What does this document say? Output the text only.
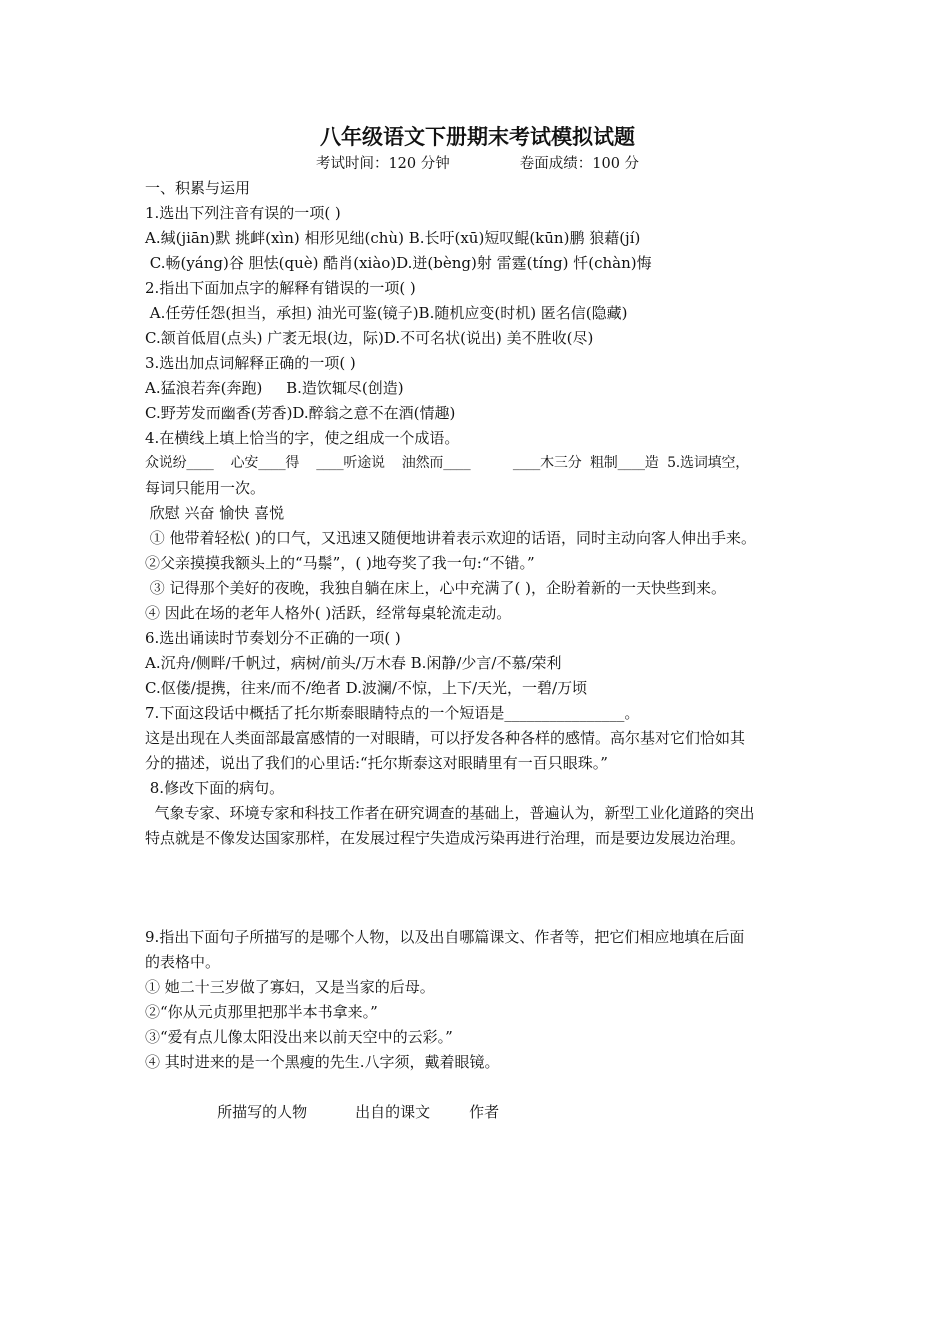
八年级语文下册期末考试模拟试题
考试时间：120 分钟	卷面成绩：100 分
一、积累与运用
1.选出下列注音有误的一项( )
A.缄(jiān)默 挑衅(xìn) 相形见绌(chù) B.长吁(xū)短叹鲲(kūn)鹏 狼藉(jí)
C.畅(yáng)谷 胆怯(què) 酷肖(xiào)D.迸(bèng)射 雷霆(tíng) 忏(chàn)悔
2.指出下面加点字的解释有错误的一项( )
A.任劳任怨(担当，承担) 油光可鉴(镜子)B.随机应变(时机) 匿名信(隐藏)
C.颔首低眉(点头) 广袤无垠(边，际)D.不可名状(说出) 美不胜收(尽)
3.选出加点词解释正确的一项( )
A.猛浪若奔(奔跑)     B.造饮辄尽(创造)
C.野芳发而幽香(芳香)D.醉翁之意不在酒(情趣)
4.在横线上填上恰当的字，使之组成一个成语。
众说纷____    心安____得    ____听途说    油然而____          ____木三分  粗制____造  5.选词填空，
每词只能用一次。
欣慰 兴奋 愉快 喜悦
① 他带着轻松( )的口气，又迅速又随便地讲着表示欢迎的话语，同时主动向客人伸出手来。
②父亲摸摸我额头上的“马鬃”，( )地夸奖了我一句:“不错。”
③ 记得那个美好的夜晚，我独自躺在床上，心中充满了( )，企盼着新的一天快些到来。
④ 因此在场的老年人格外( )活跃，经常每桌轮流走动。
6.选出诵读时节奏划分不正确的一项( )
A.沉舟/侧畔/千帆过，病树/前头/万木春 B.闲静/少言/不慕/荣利
C.伛偻/提携，往来/而不/绝者 D.波澜/不惊，上下/天光，一碧/万顷
7.下面这段话中概括了托尔斯泰眼睛特点的一个短语是________________。
这是出现在人类面部最富感情的一对眼睛，可以抒发各种各样的感情。高尔基对它们恰如其
分的描述，说出了我们的心里话:“托尔斯泰这对眼睛里有一百只眼珠。”
8.修改下面的病句。
气象专家、环境专家和科技工作者在研究调查的基础上，普遍认为，新型工业化道路的突出
特点就是不像发达国家那样，在发展过程宁失造成污染再进行治理，而是要边发展边治理。
9.指出下面句子所描写的是哪个人物，以及出自哪篇课文、作者等，把它们相应地填在后面
的表格中。
① 她二十三岁做了寡妇，又是当家的后母。
②“你从元贞那里把那半本书拿来。”
③“爱有点儿像太阳没出来以前天空中的云彩。”
④ 其时进来的是一个黑瘦的先生.八字须，戴着眼镜。

所描写的人物	出自的课文	作者
